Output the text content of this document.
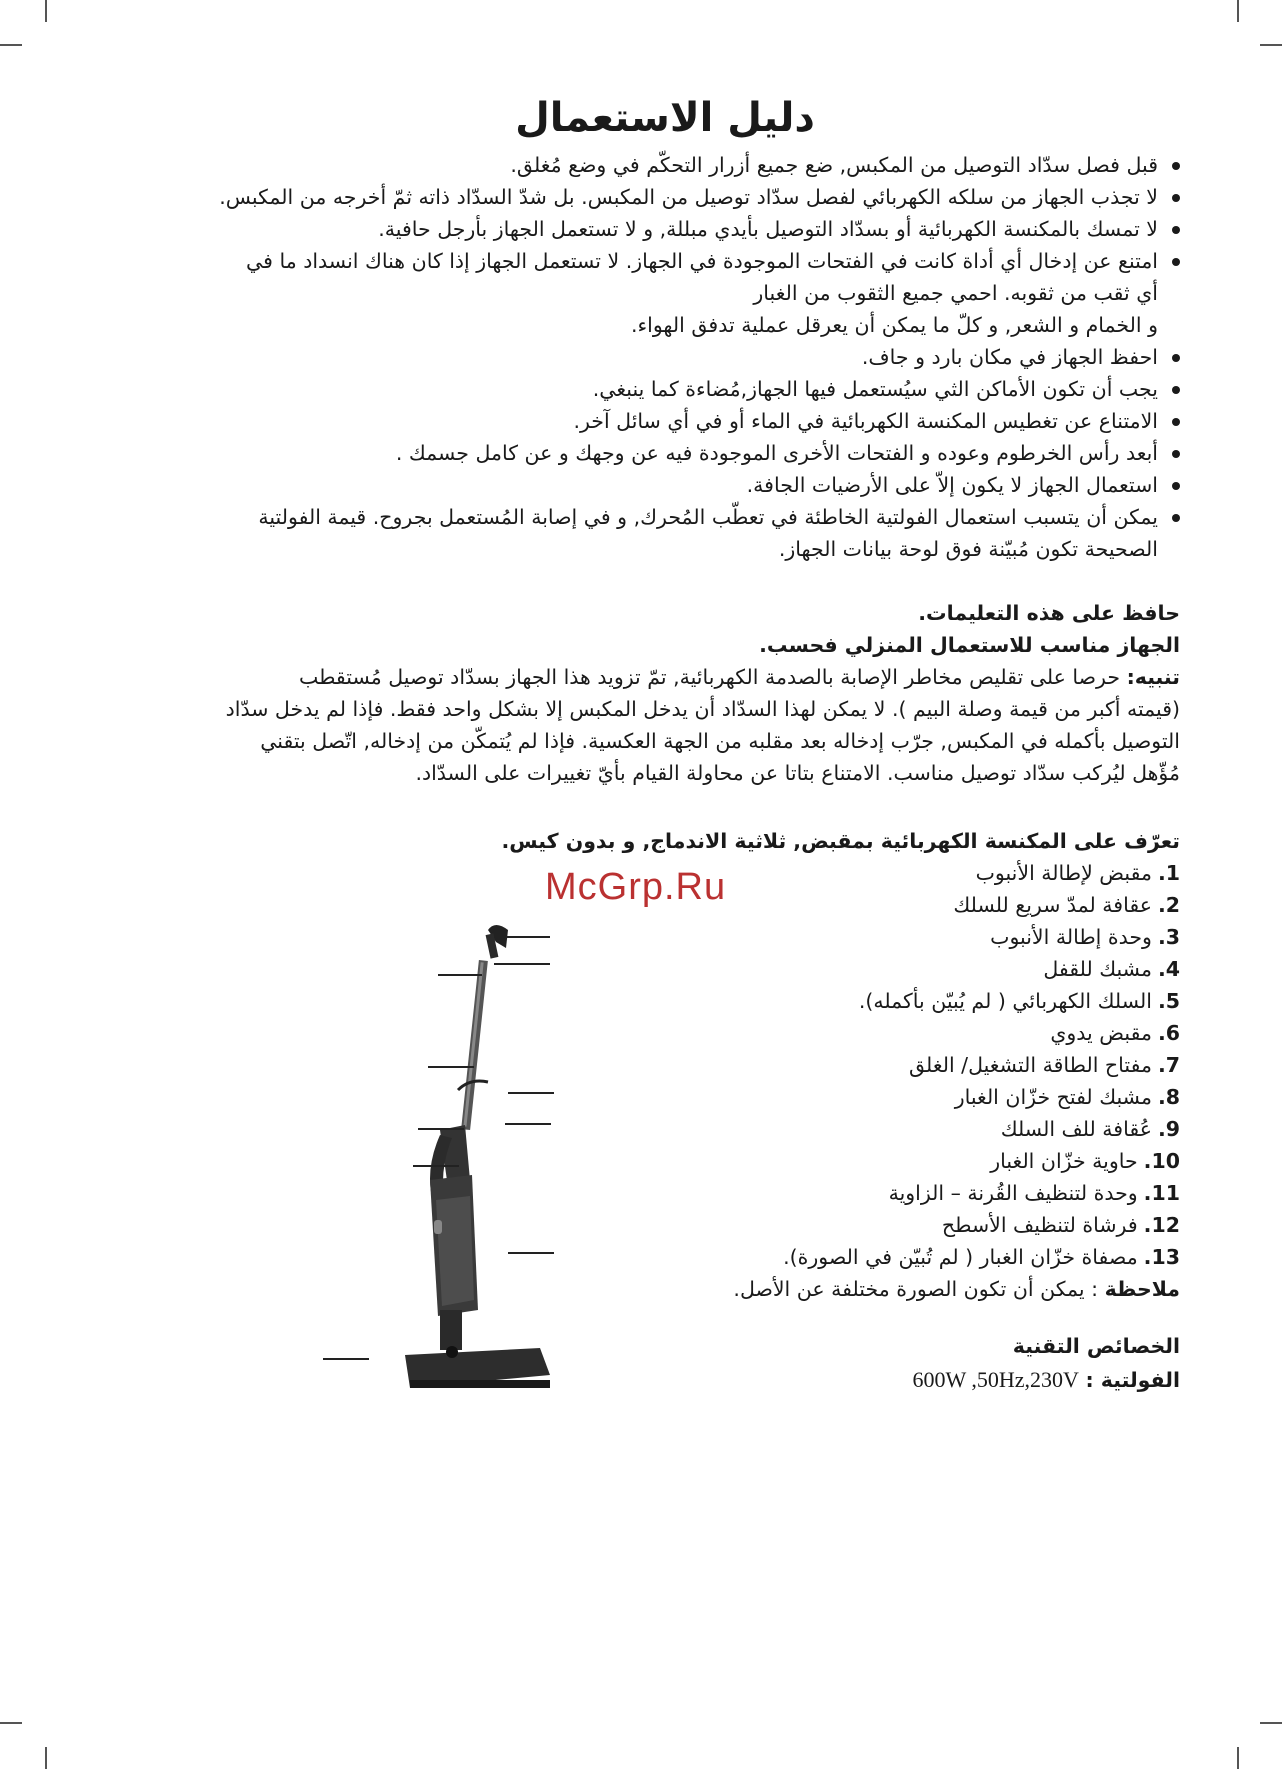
دليل الاستعمال
قبل فصل سدّاد التوصيل من المكبس, ضع جميع أزرار التحكّم في وضع مُغلق.
لا تجذب الجهاز من سلكه الكهربائي لفصل سدّاد توصيل من المكبس. بل شدّ السدّاد ذاته ثمّ أخرجه من المكبس.
لا تمسك بالمكنسة الكهربائية أو بسدّاد التوصيل بأيدي مبللة, و لا تستعمل الجهاز بأرجل حافية.
امتنع عن إدخال أي أداة كانت في الفتحات الموجودة في الجهاز. لا تستعمل الجهاز إذا كان هناك انسداد ما في
أي ثقب من ثقوبه. احمي جميع الثقوب من الغبار
و الخمام و الشعر, و كلّ ما يمكن أن يعرقل عملية تدفق الهواء.
احفظ الجهاز في مكان بارد و جاف.
يجب أن تكون الأماكن الثي سيُستعمل فيها الجهاز,مُضاءة كما ينبغي.
الامتناع عن تغطيس المكنسة الكهربائية في الماء أو في أي سائل آخر.
أبعد رأس الخرطوم وعوده و الفتحات الأخرى الموجودة فيه عن وجهك و عن كامل جسمك .
استعمال الجهاز لا يكون إلاّ على الأرضيات الجافة.
يمكن أن يتسبب استعمال الفولتية الخاطئة في تعطّب المُحرك, و في إصابة المُستعمل بجروح. قيمة الفولتية
الصحيحة تكون مُبيّنة فوق لوحة بيانات الجهاز.
حافظ على هذه التعليمات.
الجهاز مناسب للاستعمال المنزلي فحسب.
تنبيه: حرصا على تقليص مخاطر الإصابة بالصدمة الكهربائية, تمّ تزويد هذا الجهاز بسدّاد توصيل مُستقطب
(قيمته أكبر من قيمة وصلة البيم ). لا يمكن لهذا السدّاد أن يدخل المكبس إلا بشكل واحد فقط. فإذا لم يدخل سدّاد
التوصيل بأكمله في المكبس, جرّب إدخاله بعد مقلبه من الجهة العكسية. فإذا لم يُتمكّن من إدخاله, اتّصل بتقني
مُؤّهل ليُركب سدّاد توصيل مناسب. الامتناع بتاتا عن محاولة القيام بأيّ تغييرات على السدّاد.
تعرّف على المكنسة الكهربائية بمقبض, ثلاثية الاندماج, و بدون كيس.
1.مقبض لإطالة الأنبوب
2.عقافة لمدّ سريع للسلك
3.وحدة إطالة الأنبوب
4.مشبك للقفل
5.السلك الكهربائي ( لم يُبيّن بأكمله).
6.مقبض يدوي
7.مفتاح الطاقة التشغيل/ الغلق
8.مشبك لفتح خزّان الغبار
9.عُقافة للف السلك
10.حاوية خزّان الغبار
11.وحدة لتنظيف القُرنة – الزاوية
12.فرشاة لتنظيف الأسطح
13.مصفاة خزّان الغبار ( لم تُبيّن في الصورة).
ملاحظة : يمكن أن تكون الصورة مختلفة عن الأصل.
الخصائص التقنية
الفولتية : 600W ,50Hz,230V
McGrp.Ru
